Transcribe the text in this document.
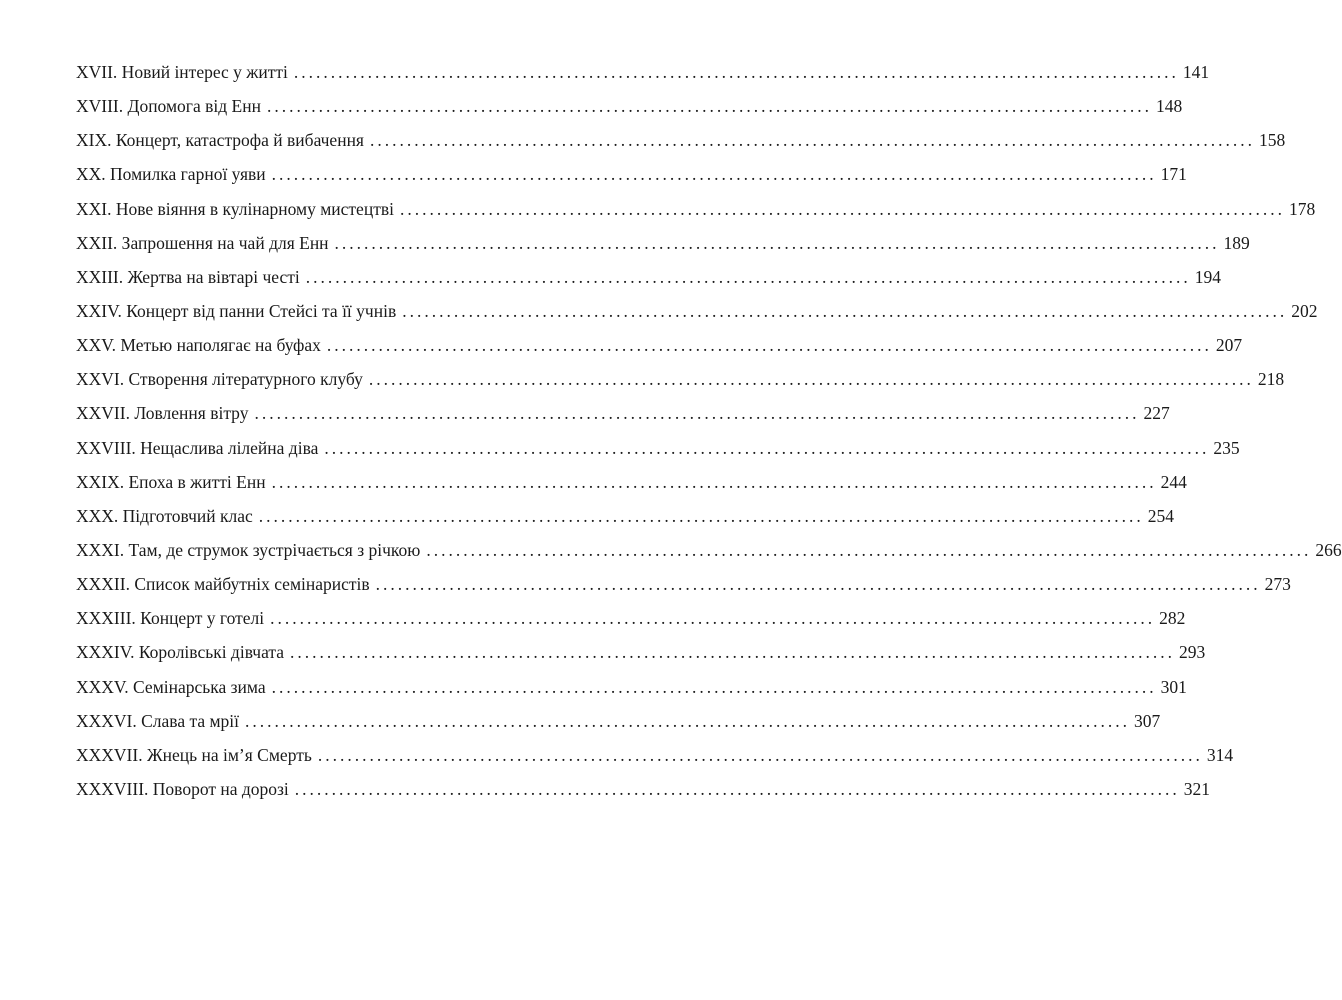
XVII. Новий інтерес у житті ........................................................................................................................ 141
XVIII. Допомога від Енн ........................................................................................................................ 148
XIX. Концерт, катастрофа й вибачення ........................................................................................................................ 158
XX. Помилка гарної уяви ........................................................................................................................ 171
XXI. Нове віяння в кулінарному мистецтві ........................................................................................................................ 178
XXII. Запрошення на чай для Енн ........................................................................................................................ 189
XXIII. Жертва на вівтарі честі ........................................................................................................................ 194
XXIV. Концерт від панни Стейсі та її учнів ........................................................................................................................ 202
XXV. Метью наполягає на буфах ........................................................................................................................ 207
XXVI. Створення літературного клубу ........................................................................................................................ 218
XXVII. Ловлення вітру ........................................................................................................................ 227
XXVIII. Нещаслива лілейна діва ........................................................................................................................ 235
XXIX. Епоха в житті Енн ........................................................................................................................ 244
XXX. Підготовчий клас ........................................................................................................................ 254
XXXI. Там, де струмок зустрічається з річкою ........................................................................................................................ 266
XXXII. Список майбутніх семінаристів ........................................................................................................................ 273
XXXIII. Концерт у готелі ........................................................................................................................ 282
XXXIV. Королівські дівчата ........................................................................................................................ 293
XXXV. Семінарська зима ........................................................................................................................ 301
XXXVI. Слава та мрії ........................................................................................................................ 307
XXXVII. Жнець на ім’я Смерть ........................................................................................................................ 314
XXXVIII. Поворот на дорозі ........................................................................................................................ 321
